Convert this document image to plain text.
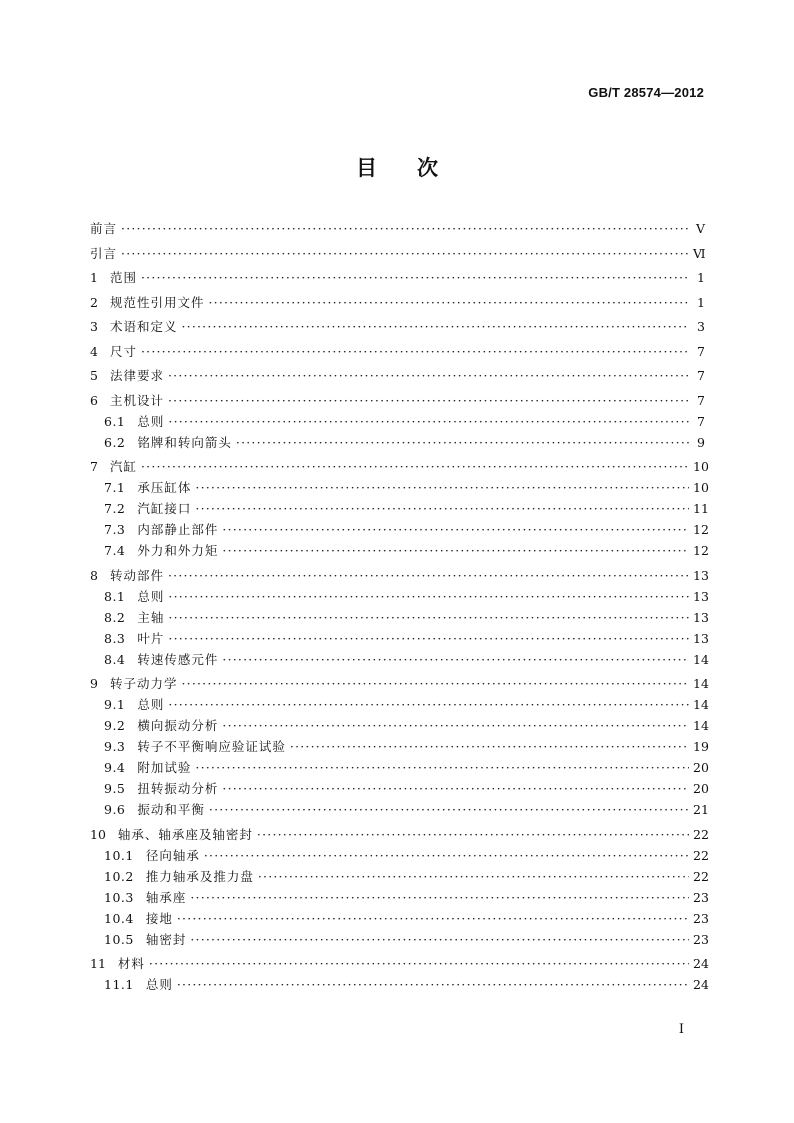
GB/T 28574—2012
目次
前言 ·····	Ⅴ
引言 ·····	Ⅵ
1 范围 ·····	1
2 规范性引用文件 ·····	1
3 术语和定义 ·····	3
4 尺寸 ·····	7
5 法律要求 ·····	7
6 主机设计 ·····	7
6.1 总则 ·····	7
6.2 铭牌和转向箭头 ·····	9
7 汽缸 ·····	10
7.1 承压缸体 ·····	10
7.2 汽缸接口 ·····	11
7.3 内部静止部件 ·····	12
7.4 外力和外力矩 ·····	12
8 转动部件 ·····	13
8.1 总则 ·····	13
8.2 主轴 ·····	13
8.3 叶片 ·····	13
8.4 转速传感元件 ·····	14
9 转子动力学 ·····	14
9.1 总则 ·····	14
9.2 横向振动分析 ·····	14
9.3 转子不平衡响应验证试验 ·····	19
9.4 附加试验 ·····	20
9.5 扭转振动分析 ·····	20
9.6 振动和平衡 ·····	21
10 轴承、轴承座及轴密封 ·····	22
10.1 径向轴承 ·····	22
10.2 推力轴承及推力盘 ·····	22
10.3 轴承座 ·····	23
10.4 接地 ·····	23
10.5 轴密封 ·····	23
11 材料 ·····	24
11.1 总则 ·····	24
Ⅰ
